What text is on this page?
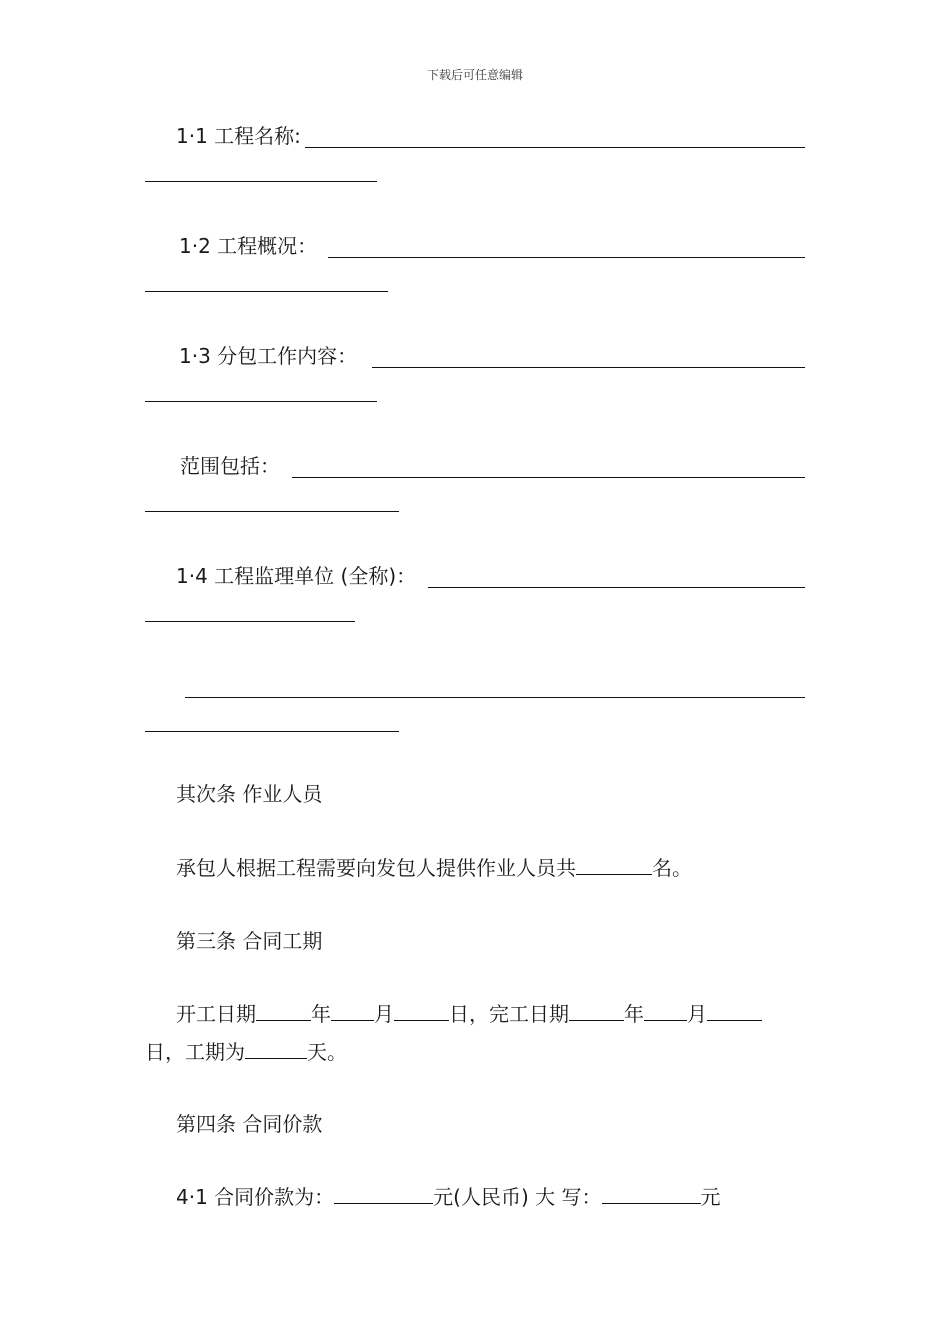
下载后可任意编辑
1·1 工程名称:
1·2 工程概况：
1·3 分包工作内容：
范围包括：
1·4 工程监理单位 (全称)：
其次条 作业人员
承包人根据工程需要向发包人提供作业人员共	名。
第三条 合同工期
开工日期	年 月	日，完工日期	年 月
日，工期为	天。
第四条 合同价款
4·1 合同价款为：	元(人民币) 大 写：	元
